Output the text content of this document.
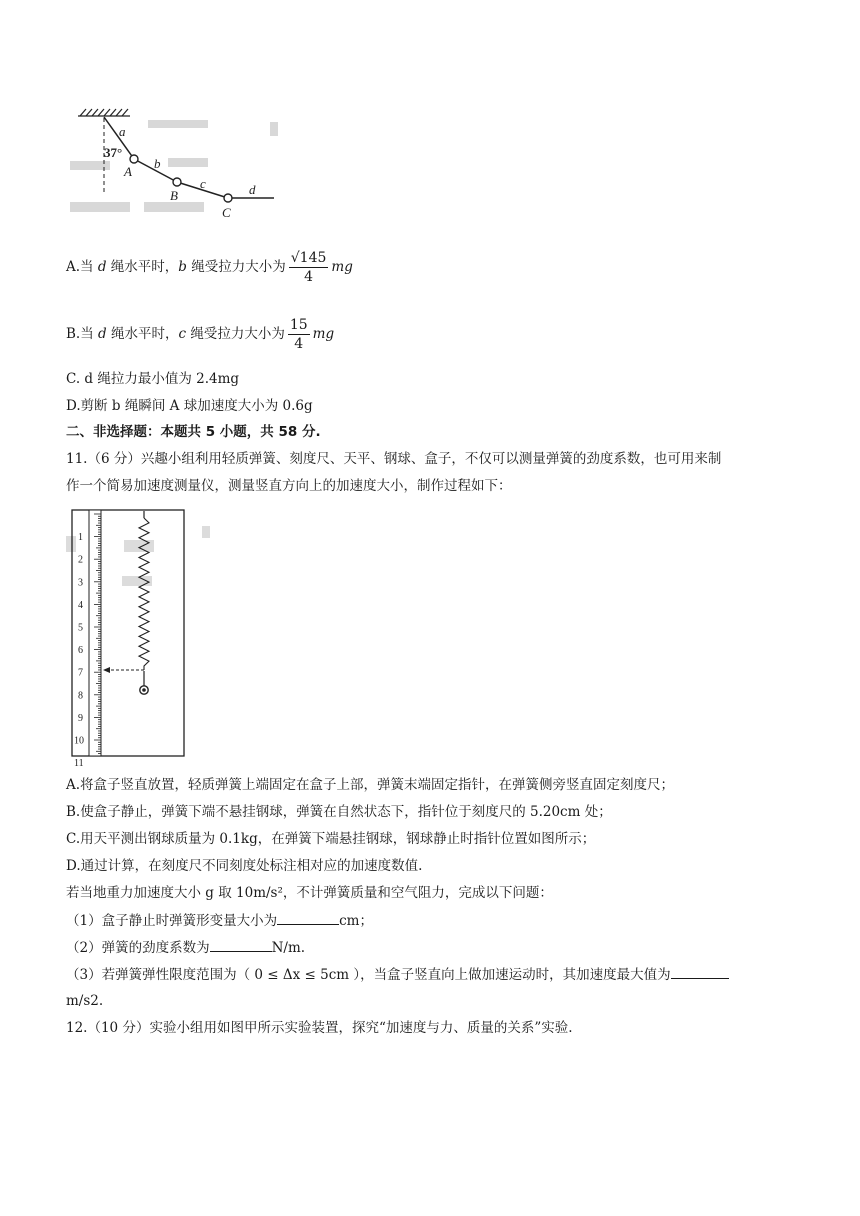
a
b
c	d
A
B
C
37°
A.当 d 绳水平时，b 绳受拉力大小为 $\frac{√145}{4}$ mg
B.当 d 绳水平时，c 绳受拉力大小为 $\frac{15}{4}$ mg
C. d 绳拉力最小值为 2.4mg
D.剪断 b 绳瞬间 A 球加速度大小为 0.6g
二、非选择题：本题共 5 小题，共 58 分.
11.（6 分）兴趣小组利用轻质弹簧、刻度尺、天平、钢球、盒子，不仅可以测量弹簧的劲度系数，也可用来制
作一个简易加速度测量仪，测量竖直方向上的加速度大小，制作过程如下：
1
2
3
4
5
6
7
8
9
10
11
A.将盒子竖直放置，轻质弹簧上端固定在盒子上部，弹簧末端固定指针，在弹簧侧旁竖直固定刻度尺；
B.使盒子静止，弹簧下端不悬挂钢球，弹簧在自然状态下，指针位于刻度尺的 5.20cm 处；
C.用天平测出钢球质量为 0.1kg，在弹簧下端悬挂钢球，钢球静止时指针位置如图所示；
D.通过计算，在刻度尺不同刻度处标注相对应的加速度数值.
若当地重力加速度大小 g 取 10m/s²，不计弹簧质量和空气阻力，完成以下问题：
（1）盒子静止时弹簧形变量大小为	cm；
（2）弹簧的劲度系数为	N/m.
（3）若弹簧弹性限度范围为（ 0 ≤ Δx ≤ 5cm ），当盒子竖直向上做加速运动时，其加速度最大值为
m/s2.
12.（10 分）实验小组用如图甲所示实验装置，探究“加速度与力、质量的关系”实验.
